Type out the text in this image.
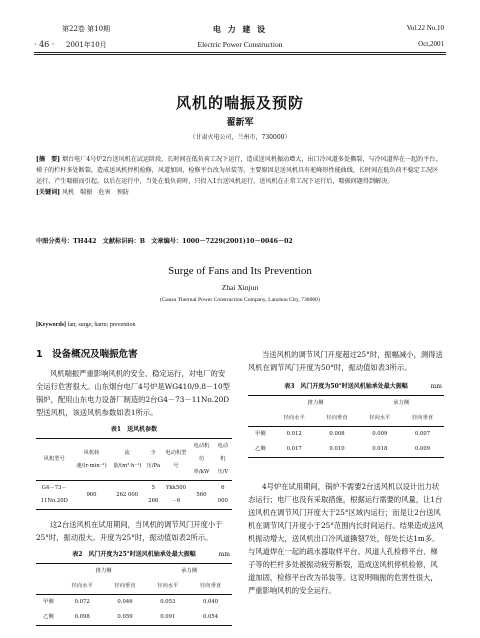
第22卷 第10期
· 46 · 2001年10月
电 力 建 设
Electric Power Construction
Vol.22 No.10
Oct,2001
风机的喘振及预防
翟新军
（甘肃火电公司，兰州市，730000）
[摘　要] 烟台电厂4号炉2台送风机在试运阶段，长时间在低负荷工况下运行，造成送风机振动增大，出口冷风道多处撕裂，与冷风道焊在一起的平台、梯子的栏杆多处断裂，造成送风机停机检修，风道加固，检修平台改为吊装等。主要原因是送风机具有驼峰形性能曲线，长时间在低负荷不稳定工况区运行，产生喘振而引起。以后在运行中，当处在低负荷时，只投入1台送风机运行，送风机在正常工况下运行后，喘振问题得到解决。
[关键词] 风机　喘振　危害　预防
中图分类号：TH442　文献标识码：B　文章编号：1000－7229(2001)10－0046－02
Surge of Fans and Its Prevention
Zhai Xinjun
(Gansu Thermal Power Construction Company, Lanzhou City, 730000)
[Keywords] fan; surge; harm; prevention
1　设备概况及喘振危害

风机喘振严重影响风机的安全、稳定运行，对电厂的安全运行危害很大。山东烟台电厂4号炉是WG410/9.8－10型锅炉，配用山东电力设备厂制造的2台G4－73－11No.20D型送风机，该送风机参数如表1所示。

表1　送风机参数
风机型号	风机转速/(r·min⁻¹)	流量/(m³·h⁻¹)	全压/Pa	电动机型　号	电动机功率/kW	电动机压/V
G4－73－11No.20D	960	262 000	5 266	Ykk500－6	560	6 000

这2台送风机在试用期间，当风机的调节风门开度小于25°时，振动很大。开度为25°时，振动值如表2所示。

表2　风门开度为25°时送风机轴承处最大振幅	mm
	推力侧		承力侧	
	径向水平	径向垂直	径向水平	径向垂直
甲侧	0.072	0.046	0.053	0.040
乙侧	0.098	0.059	0.091	0.054

当送风机的调节风门开度超过25°时，振幅减小，测得送风机在调节风门开度为50°时，振动值如表3所示。

表3　风门开度为50°时送风机轴承处最大振幅	mm
	推力侧		承力侧	
	径向水平	径向垂直	径向水平	径向垂直
甲侧	0.012	0.008	0.009	0.007
乙侧	0.017	0.010	0.018	0.009

4号炉在试用期间，锅炉不需要2台送风机以设计出力状态运行；电厂也没有采取措施，根据运行需要的风量，让1台送风机在调节风门开度大于25°区域内运行；而是让2台送风机在调节风门开度小于25°范围内长时间运行。结果造成送风机振动增大，送风机出口冷风道撕裂7处，每处长达1m多。与风道焊在一起的疏水器取样平台、风道人孔检修平台、梯子等的栏杆多处被振动疲劳断裂，造成送风机停机检修，风道加固，检修平台改为吊装等。这说明喘振的危害性很大，严重影响风机的安全运行。
